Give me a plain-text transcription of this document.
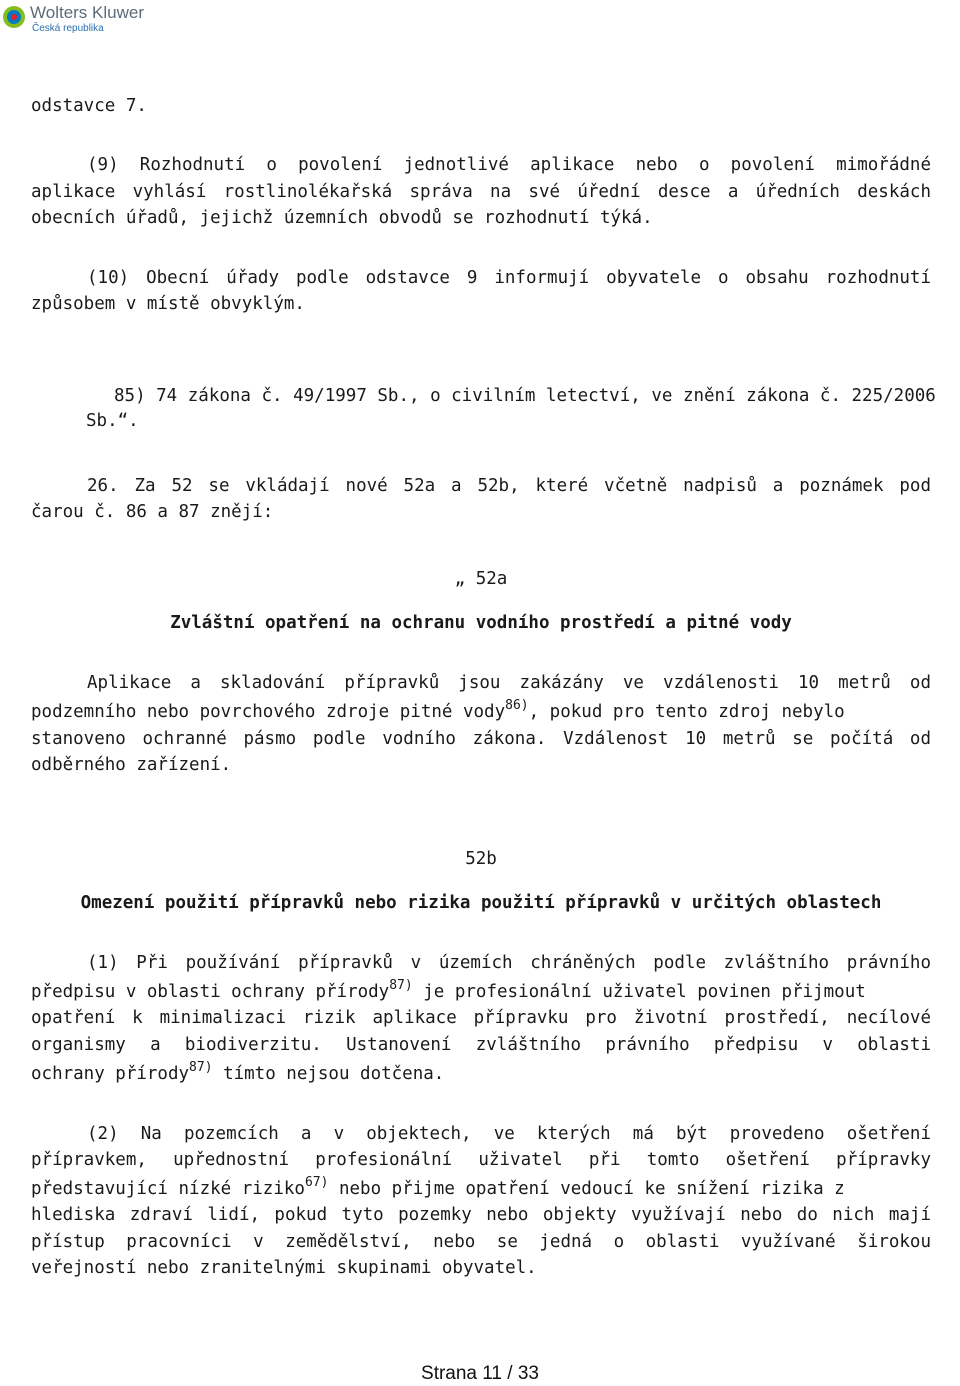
Wolters Kluwer
Česká republika
odstavce 7.
(9) Rozhodnutí o povolení jednotlivé aplikace nebo o povolení mimořádné
aplikace vyhlásí rostlinolékařská správa na své úřední desce a úředních deskách
obecních úřadů, jejichž územních obvodů se rozhodnutí týká.
(10) Obecní úřady podle odstavce 9 informují obyvatele o obsahu rozhodnutí
způsobem v místě obvyklým.
85) 74 zákona č. 49/1997 Sb., o civilním letectví, ve znění zákona č. 225/2006
Sb.“.
26. Za 52 se vkládají nové 52a a 52b, které včetně nadpisů a poznámek pod
čarou č. 86 a 87 znějí:
„ 52a
Zvláštní opatření na ochranu vodního prostředí a pitné vody
Aplikace a skladování přípravků jsou zakázány ve vzdálenosti 10 metrů od
podzemního nebo povrchového zdroje pitné vody$^{86)}$, pokud pro tento zdroj nebylo
stanoveno ochranné pásmo podle vodního zákona. Vzdálenost 10 metrů se počítá od
odběrného zařízení.
52b
Omezení použití přípravků nebo rizika použití přípravků v určitých oblastech
(1) Při používání přípravků v územích chráněných podle zvláštního právního
předpisu v oblasti ochrany přírody$^{87)}$ je profesionální uživatel povinen přijmout
opatření k minimalizaci rizik aplikace přípravku pro životní prostředí, necílové
organismy a biodiverzitu. Ustanovení zvláštního právního předpisu v oblasti
ochrany přírody$^{87)}$ tímto nejsou dotčena.
(2) Na pozemcích a v objektech, ve kterých má být provedeno ošetření
přípravkem, upřednostní profesionální uživatel při tomto ošetření přípravky
představující nízké riziko$^{67)}$ nebo přijme opatření vedoucí ke snížení rizika z
hlediska zdraví lidí, pokud tyto pozemky nebo objekty využívají nebo do nich mají
přístup pracovníci v zemědělství, nebo se jedná o oblasti využívané širokou
veřejností nebo zranitelnými skupinami obyvatel.
Strana 11 / 33
